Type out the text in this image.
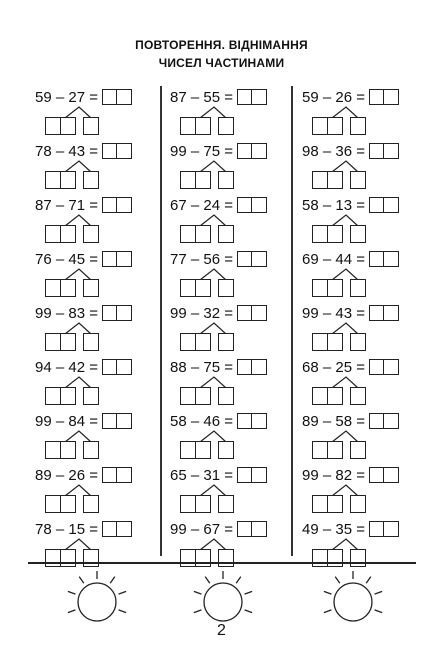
ПОВТОРЕННЯ. ВІДНІМАННЯ
ЧИСЕЛ ЧАСТИНАМИ
59 – 27 =
78 – 43 =
87 – 71 =
76 – 45 =
99 – 83 =
94 – 42 =
99 – 84 =
89 – 26 =
78 – 15 =
87 – 55 =
99 – 75 =
67 – 24 =
77 – 56 =
99 – 32 =
88 – 75 =
58 – 46 =
65 – 31 =
99 – 67 =
59 – 26 =
98 – 36 =
58 – 13 =
69 – 44 =
99 – 43 =
68 – 25 =
89 – 58 =
99 – 82 =
49 – 35 =
2
